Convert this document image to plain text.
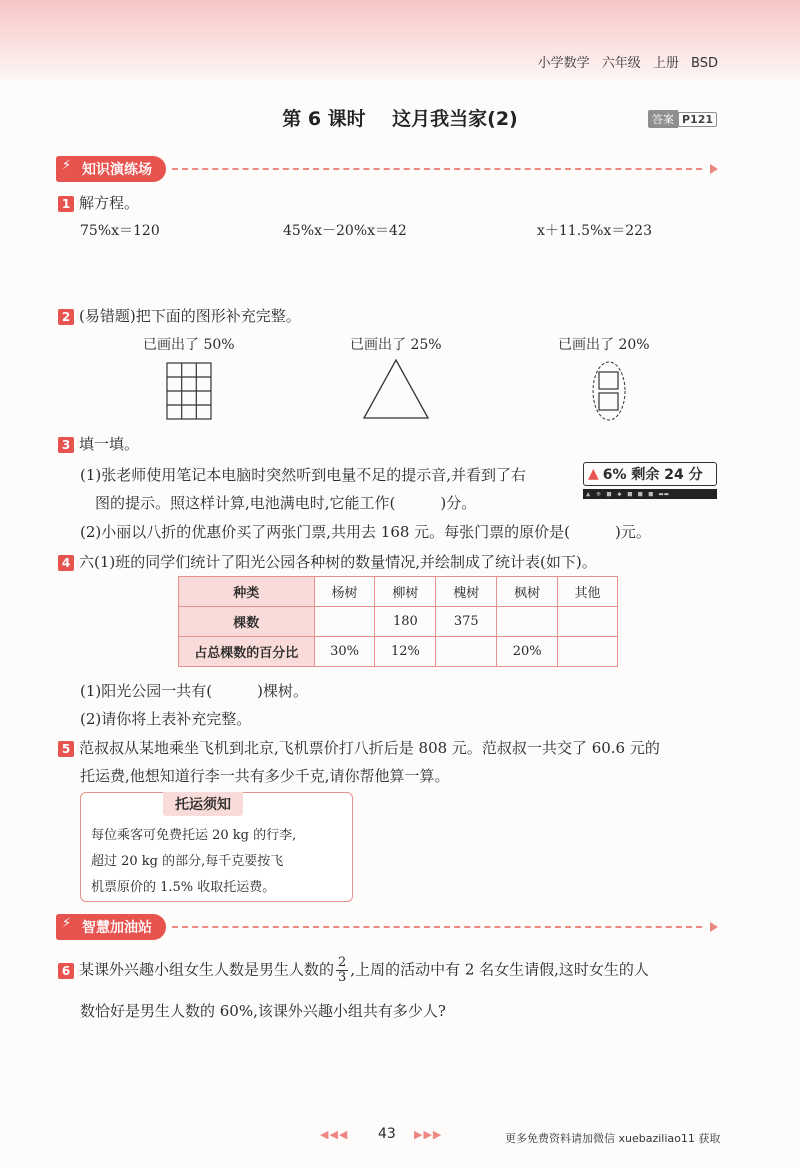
小学数学 六年级 上册 BSD
第 6 课时 这月我当家(2)	答案 P121
⚡ 知识演练场
1 解方程。
75%x＝120	45%x－20%x＝42	x＋11.5%x＝223
2 (易错题)把下面的图形补充完整。
已画出了 50%	已画出了 25%	已画出了 20%
3 填一填。
(1)张老师使用笔记本电脑时突然听到电量不足的提示音,并看到了右
图的提示。照这样计算,电池满电时,它能工作(　　　)分。
(2)小丽以八折的优惠价买了两张门票,共用去 168 元。每张门票的原价是(　　　)元。
▲ 6% 剩余 24 分
▲ ⊕ ■ ◆ ■ ■ ■ ▬▬
4 六(1)班的同学们统计了阳光公园各种树的数量情况,并绘制成了统计表(如下)。
种类	杨树	柳树	槐树	枫树	其他
棵数		180	375		
占总棵数的百分比	30%	12%		20%	
(1)阳光公园一共有(　　　)棵树。
(2)请你将上表补充完整。
5 范叔叔从某地乘坐飞机到北京,飞机票价打八折后是 808 元。范叔叔一共交了 60.6 元的
托运费,他想知道行李一共有多少千克,请你帮他算一算。
托运须知
每位乘客可免费托运 20 kg 的行李,
超过 20 kg 的部分,每千克要按飞
机票原价的 1.5% 收取托运费。
⚡ 智慧加油站
6 某课外兴趣小组女生人数是男生人数的 $\frac{2}{3}$ ,上周的活动中有 2 名女生请假,这时女生的人
数恰好是男生人数的 60%,该课外兴趣小组共有多少人?
◀◀◀ 43 ▶▶▶	更多免费资料请加微信 xuebaziliao11 获取
